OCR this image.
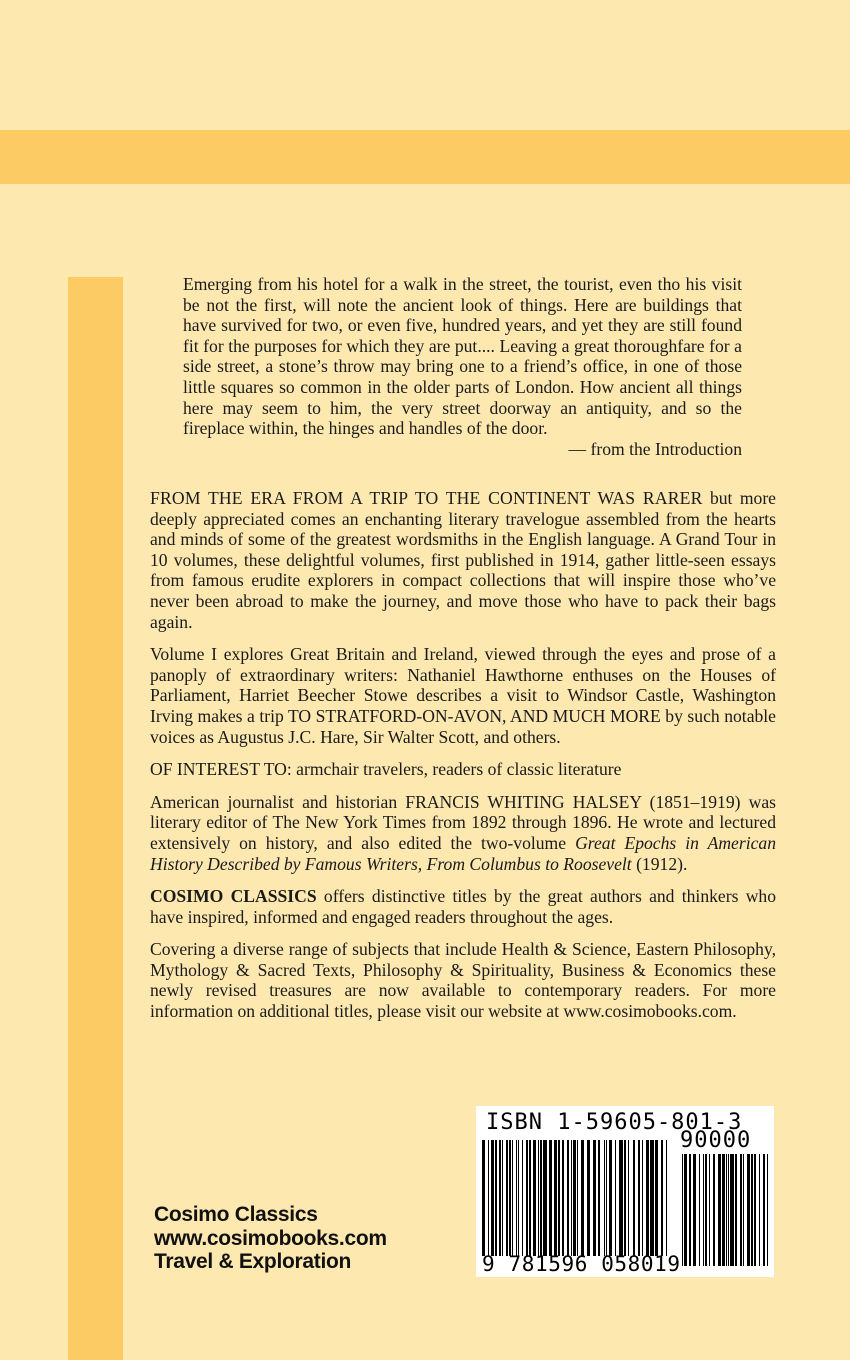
Emerging from his hotel for a walk in the street, the tourist, even tho his visit be not the first, will note the ancient look of things. Here are buildings that have survived for two, or even five, hundred years, and yet they are still found fit for the purposes for which they are put.... Leaving a great thoroughfare for a side street, a stone’s throw may bring one to a friend’s office, in one of those little squares so common in the older parts of London. How ancient all things here may seem to him, the very street doorway an antiquity, and so the fireplace within, the hinges and handles of the door.

— from the Introduction

FROM THE ERA FROM A TRIP TO THE CONTINENT WAS RARER but more deeply appreciated comes an enchanting literary travelogue assembled from the hearts and minds of some of the greatest wordsmiths in the English language. A Grand Tour in 10 volumes, these delightful volumes, first published in 1914, gather little-seen essays from famous erudite explorers in compact collections that will inspire those who’ve never been abroad to make the journey, and move those who have to pack their bags again.

Volume I explores Great Britain and Ireland, viewed through the eyes and prose of a panoply of extraordinary writers: Nathaniel Hawthorne enthuses on the Houses of Parliament, Harriet Beecher Stowe describes a visit to Windsor Castle, Washington Irving makes a trip TO STRATFORD-ON-AVON, AND MUCH MORE by such notable voices as Augustus J.C. Hare, Sir Walter Scott, and others.

OF INTEREST TO: armchair travelers, readers of classic literature

American journalist and historian FRANCIS WHITING HALSEY (1851–1919) was literary editor of The New York Times from 1892 through 1896. He wrote and lectured extensively on history, and also edited the two-volume Great Epochs in American History Described by Famous Writers, From Columbus to Roosevelt (1912).

COSIMO CLASSICS offers distinctive titles by the great authors and thinkers who have inspired, informed and engaged readers throughout the ages.

Covering a diverse range of subjects that include Health & Science, Eastern Philosophy, Mythology & Sacred Texts, Philosophy & Spirituality, Business & Economics these newly revised treasures are now available to contemporary readers. For more information on additional titles, please visit our website at www.cosimobooks.com.

Cosimo Classics
www.cosimobooks.com
Travel & Exploration
ISBN 1-59605-801-3
90000
9 781596 058019
